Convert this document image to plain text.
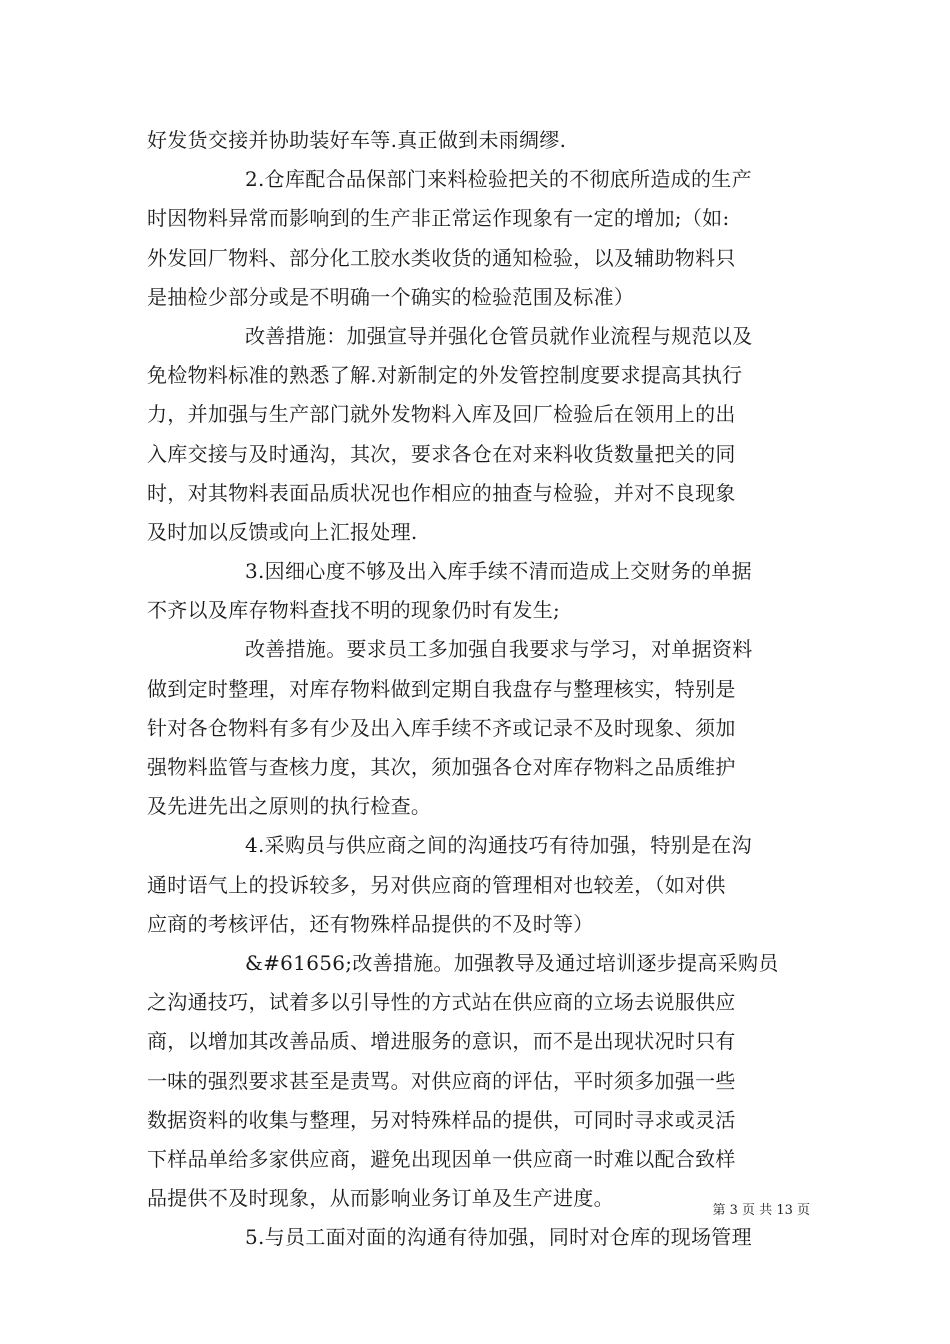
好发货交接并协助装好车等.真正做到未雨绸缪.
2.仓库配合品保部门来料检验把关的不彻底所造成的生产
时因物料异常而影响到的生产非正常运作现象有一定的增加;（如:
外发回厂物料、部分化工胶水类收货的通知检验，以及辅助物料只
是抽检少部分或是不明确一个确实的检验范围及标准）
改善措施：加强宣导并强化仓管员就作业流程与规范以及
免检物料标准的熟悉了解.对新制定的外发管控制度要求提高其执行
力，并加强与生产部门就外发物料入库及回厂检验后在领用上的出
入库交接与及时通沟，其次，要求各仓在对来料收货数量把关的同
时，对其物料表面品质状况也作相应的抽查与检验，并对不良现象
及时加以反馈或向上汇报处理.
3.因细心度不够及出入库手续不清而造成上交财务的单据
不齐以及库存物料查找不明的现象仍时有发生;
改善措施。要求员工多加强自我要求与学习，对单据资料
做到定时整理，对库存物料做到定期自我盘存与整理核实，特别是
针对各仓物料有多有少及出入库手续不齐或记录不及时现象、须加
强物料监管与查核力度，其次，须加强各仓对库存物料之品质维护
及先进先出之原则的执行检查。
4.采购员与供应商之间的沟通技巧有待加强，特别是在沟
通时语气上的投诉较多，另对供应商的管理相对也较差，（如对供
应商的考核评估，还有物殊样品提供的不及时等）
&#61656;改善措施。加强教导及通过培训逐步提高采购员
之沟通技巧，试着多以引导性的方式站在供应商的立场去说服供应
商，以增加其改善品质、增进服务的意识，而不是出现状况时只有
一味的强烈要求甚至是责骂。对供应商的评估，平时须多加强一些
数据资料的收集与整理，另对特殊样品的提供，可同时寻求或灵活
下样品单给多家供应商，避免出现因单一供应商一时难以配合致样
品提供不及时现象，从而影响业务订单及生产进度。
5.与员工面对面的沟通有待加强，同时对仓库的现场管理
第 3 页 共 13 页
